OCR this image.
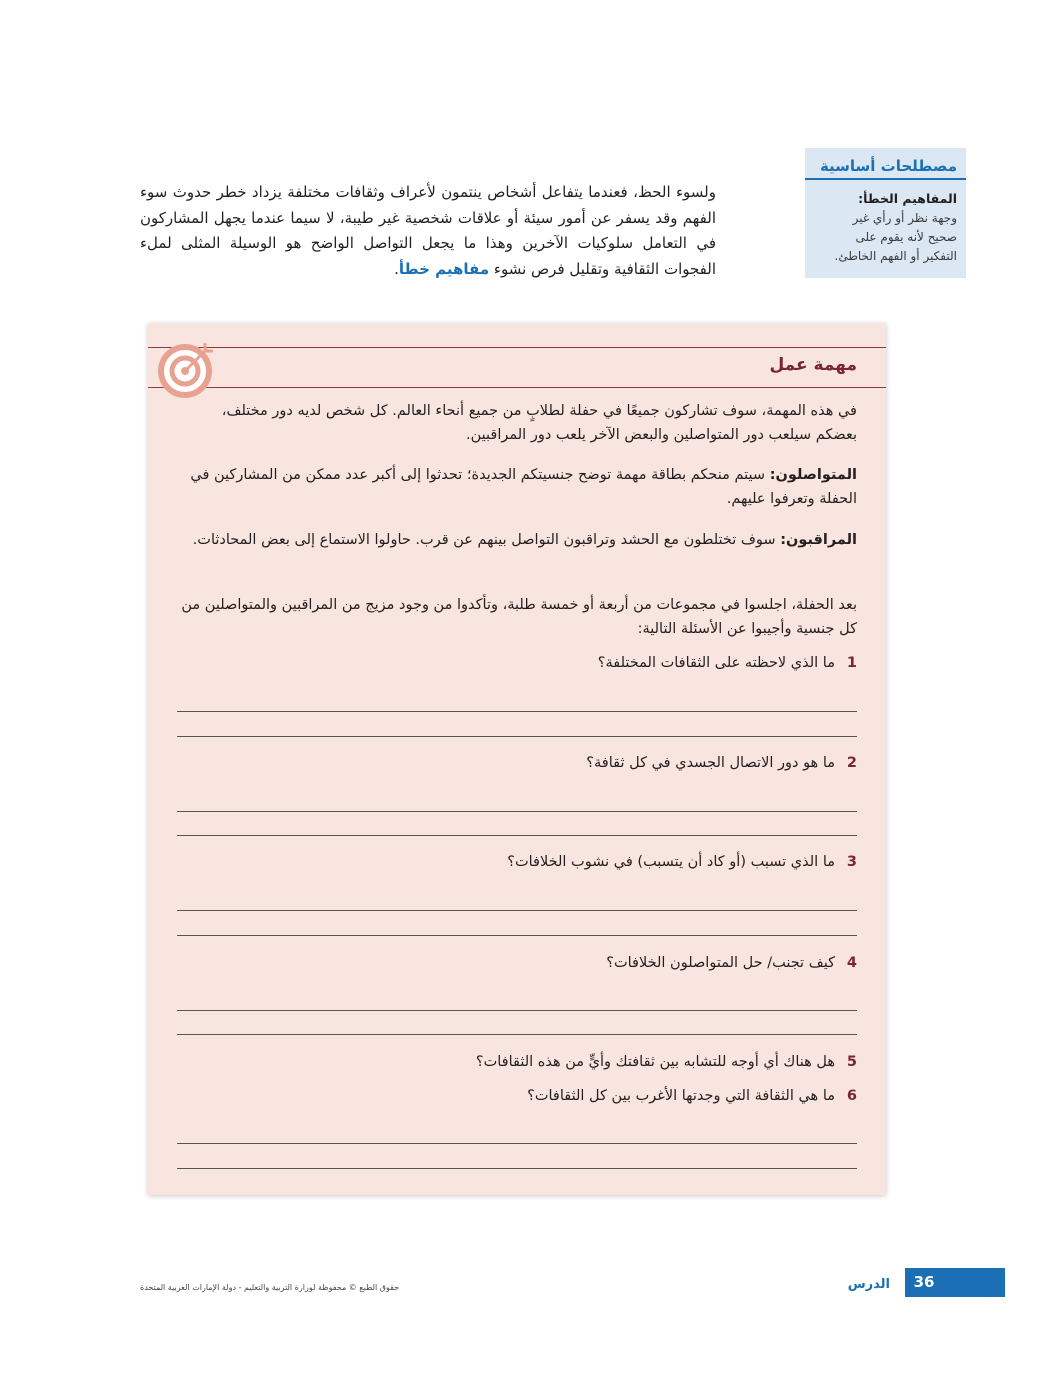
مصطلحات أساسية
المفاهيم الخطأ:
وجهة نظر أو رأي غير
صحيح لأنه يقوم على
التفكير أو الفهم الخاطئ.
ولسوء الحظ، فعندما يتفاعل أشخاص ينتمون لأعراف وثقافات مختلفة يزداد خطر حدوث سوء الفهم وقد يسفر عن أمور سيئة أو علاقات شخصية غير طيبة، لا سيما عندما يجهل المشاركون في التعامل سلوكيات الآخرين وهذا ما يجعل التواصل الواضح هو الوسيلة المثلى لملء الفجوات الثقافية وتقليل فرص نشوء مفاهيم خطأ.
مهمة عمل
في هذه المهمة، سوف تشاركون جميعًا في حفلة لطلابٍ من جميع أنحاء العالم. كل شخص لديه دور مختلف، بعضكم سيلعب دور المتواصلين والبعض الآخر يلعب دور المراقبين.
المتواصلون: سيتم منحكم بطاقة مهمة توضح جنسيتكم الجديدة؛ تحدثوا إلى أكبر عدد ممكن من المشاركين في الحفلة وتعرفوا عليهم.
المراقبون: سوف تختلطون مع الحشد وتراقبون التواصل بينهم عن قرب. حاولوا الاستماع إلى بعض المحادثات.
بعد الحفلة، اجلسوا في مجموعات من أربعة أو خمسة طلبة، وتأكدوا من وجود مزيج من المراقبين والمتواصلين من كل جنسية وأجيبوا عن الأسئلة التالية:
1ما الذي لاحظته على الثقافات المختلفة؟
2ما هو دور الاتصال الجسدي في كل ثقافة؟
3ما الذي تسبب (أو كاد أن يتسبب) في نشوب الخلافات؟
4كيف تجنب/ حل المتواصلون الخلافات؟
5هل هناك أي أوجه للتشابه بين ثقافتك وأيٍّ من هذه الثقافات؟
6ما هي الثقافة التي وجدتها الأغرب بين كل الثقافات؟
36
الدرس
حقوق الطبع © محفوظة لوزارة التربية والتعليم - دولة الإمارات العربية المتحدة
